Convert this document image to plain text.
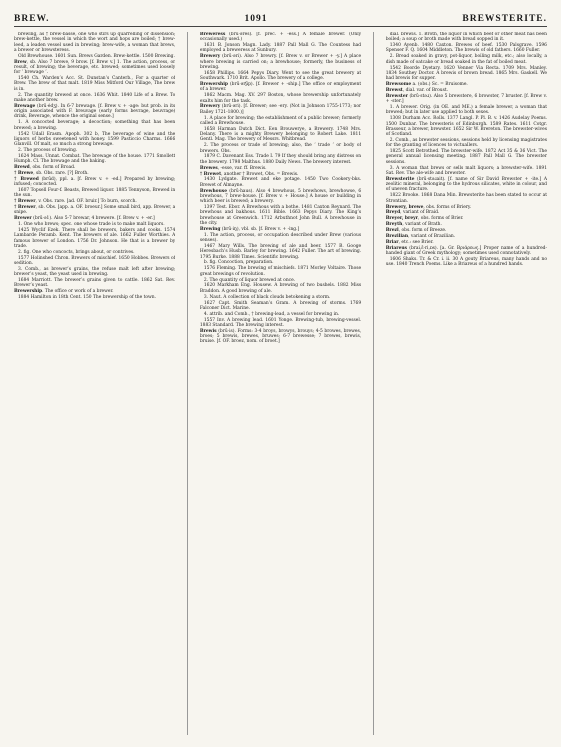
BREW.	1091	BREWSTERITE.

brewing, as † brew-basse, one who stirs up quarrelling or dissension; brew-kettle, the vessel in which the wort and hops are boiled; † brew-leed, a leaden vessel used in brewing; brew-wife, a woman that brews, a brewer or brewsteress.

Old Brewhouse. 1601 Sun. Brews Garden. Brew-kettle. 1500 Brewing.

Brew, sb. Also 7 brewe, 9 brow. [f. Brew v.] 1. The action, process, or result, of brewing; the beverage, etc. brewed; sometimes used loosely for ‘ brewage ’.

1540 Ch. Warden’s Acc. St. Dunstan’s Canterb., For a quarter of Brew. The brew of that malt. 1819 Miss Mitford Our Village, The brew is in.

2. The quantity brewed at once. 1636 Whit. 1840 Life of a Brew. To make another brew.

Brewage (brū·ėdʒ). In 6-7 brewage. [f. Brew v. + -age: but prob. in its origin associated with F. breuvage (early forms bevrage, beuvrage) drink, Beverage, whence the original sense.]

1. A concocted beverage; a decoction; something that has been brewed; a brewing.

1542 Udall Erasm. Apoph. 302 b, The beverage of wine and the liquors of herbs sweetened with honey. 1599 Pasticcio Charms. 1666 Glanvill. Of malt, so much a strong brewage.

2. The process of brewing.

1624 Mass. Unnat. Combat. The brewage of the house. 1771 Smollett Humph. Cl. The brewage and the baking.

Brewd, obs. form of Broad.

† Brewe, sb. Obs. rare. [?] Broth.

† Brewed (brūd), ppl. a. [f. Brew v. + -ed.] Prepared by brewing; infused; concocted.

1607 Topsell Four-f. Beasts, Brewed liquor. 1885 Tennyson, Brewed in the sun.

† Brewer, v. Obs. rare. [ad. OF. bruir.] To burn, scorch.

† Brewer, sb. Obs. [app. a. OF. broeur.] Some small bird, app. Brewer, a snipe.

Brewer (brū·ə1). Also 5-7 brewar, 4 brewere. [f. Brew v. + -er.]

1. One who brews; spec. one whose trade is to make malt liquors.

1425 Wyclif Ezek. There shall be brewers, bakers and cooks. 1574 Lambarde Peramb. Kent. The brewers of ale. 1662 Fuller Worthies. A famous brewer of London. 1756 Dr. Johnson. He that is a brewer by trade.

2. fig. One who concocts, brings about, or contrives.

1577 Holinshed Chron. Brewers of mischief. 1650 Hobbes. Brewers of sedition.

3. Comb., as brewer’s grains, the refuse malt left after brewing; brewer’s yeast, the yeast used in brewing.

1684 Marriott. The brewer’s grains given to cattle. 1862 Sat. Rev. Brewer’s yeast.

Brewership. The office or work of a brewer.

1884 Hamilton in 18th Cent. 150 The brewership of the town.

Breweress (brū·ərės). [f. prec. + -ess.] A female brewer. (Only occasionally used.)

1631 B. Jonson Magn. Lady. 1887 Pall Mall G. The Countess had employed a breweress at Sunbury.

Brewery (brū·əri). Also 7 brewry. [f. Brew v. or Brewer + -y.] A place where brewing is carried on; a brewhouse; formerly, the business of brewing.

1658 Phillips. 1664 Pepys Diary. Went to see the great brewery at Southwark. 1710 Brit. Apollo. The brewery of a college.

Brewership (brū·ərʃip). [f. Brewer + -ship.] The office or employment of a brewer.

1862 Macm. Mag. XV. 297 Boston, whose brewership unfortunately exalts him for the task.

Brewery (brū·əri). [f. Brewer; see -ery. (Not in Johnson 1755-1773; nor Bailey 1721-1800.)]

1. A place for brewing; the establishment of a public brewer; formerly called a Brewhouse.

1658 Harman Dutch Dict. Een Brouwerye, a Brewery. 1748 Mrs. Delany. There is a mighty Brewery belonging to Robert Lake. 1811 Gentl. Mag. The brewery of Messrs. Whitbread.

2. The process or trade of brewing; also, the ‘ trade ’ or body of brewers. Obs.

1879 C. Davenant Ess. Trade I. 79 If they should bring any distress on the brewery. 1798 Malthus. 1880 Daily News. The brewery interest.

Brewes, -esse, var. ff. Brewis.

† Brewet, another † Browet, Obs. = Brewis.

1430 Lydgate. Brewet and eke potage. 1450 Two Cookery-bks. Brewet of Almayne.

Brewhouse (brū·haus). Also 4 brewhous, 5 brewhows, brewhowse, 6 brewhous, 7 brew-house. [f. Brew v. + House.] A house or building in which beer is brewed; a brewery.

1397 Test. Ebor. A Brewhous with a bothe. 1481 Caxton Reynard. The brewhous and bakhous. 1611 Bible. 1663 Pepys Diary. The King’s brewhouse at Greenwich. 1712 Arbuthnot John Bull. A brewhouse in the city.

Brewing (brū·iŋ), vbl. sb. [f. Brew v. + -ing.]

1. The action, process, or occupation described under Brew (various senses).

1467 Mary Wills. The brewing of ale and beer. 1577 B. Googe Heresbach’s Husb. Barley for brewing. 1642 Fuller. The art of brewing. 1795 Burke. 1888 Times. Scientific brewing.

b. fig. Concoction, preparation.

1576 Fleming. The brewing of mischiefs. 1871 Morley Voltaire. Those great brewings of revolution.

2. The quantity of liquor brewed at once.

1620 Markham Eng. Housew. A brewing of two bushels. 1882 Miss Braddon. A good brewing of ale.

3. Naut. A collection of black clouds betokening a storm.

1627 Capt. Smith Seaman’s Gram. A brewing of storms. 1769 Falconer Dict. Marine.

4. attrib. and Comb., † brewing-lead, a vessel for brewing in.

1557 Inv. A brewing lead. 1601 Yonge. Brewing-tub, brewing-vessel. 1883 Standard. The brewing interest.

Brewis (brū·is). Forms: 3-4 broys, browys, brouys; 4-5 browes, brewes, broes; 5 brewis, brewes, bruwes; 6-7 brewesse; 7 brewes, brewis, bruise. [f. OF. broez, nom. of broet.]

dial. brewis. 1. Broth, the liquor in which beef or other meat has been boiled; a soup or broth made with bread sopped in it.

1340 Ayenb. 1480 Caxton. Brewes of beef. 1530 Palsgrave. 1596 Spenser F. Q. 1604 Middleton. The brewis of old fathers. 1660 Fuller.

2. Bread soaked in gravy, pot-liquor, boiling milk, etc.; also locally, a dish made of oatcake or bread soaked in the fat of boiled meat.

1542 Boorde Dyetary. 1620 Venner Via Recta. 1709 Mrs. Manley. 1834 Southey Doctor. A brewis of brown bread. 1865 Mrs. Gaskell. We had brewis for supper.

Brewsome a. (obs.) Sc. = Bruisome.

Brewst, dial. var. of Broust.

Brewster (brū·stəɹ). Also 5 brewstere, 6 browster, 7 bruster. [f. Brew v. + -ster.]

1. A brewer. Orig. (in OE. and ME.) a female brewer, a woman that brewed; but in later use applied to both sexes.

1308 Durham Acc. Rolls. 1377 Langl. P. Pl. B. v. 1426 Audelay Poems. 1500 Dunbar. The brewsteris of Edinburgh. 1589 Rates. 1611 Cotgr. Brasseur, a brewer, brewster. 1652 Sir W. Brereton. The brewster-wives of Scotland.

2. Comb., as brewster sessions, sessions held by licensing magistrates for the granting of licences to victuallers.

1825 Scott Betrothed. The brewster-wife. 1872 Act 35 & 36 Vict. The general annual licensing meeting. 1887 Pall Mall G. The brewster sessions.

3. A woman that brews or sells malt liquors; a brewster-wife. 1891 Sat. Rev. The ale-wife and brewster.

Brewsterite (brū·stəɹait). [f. name of Sir David Brewster + -ite.] A zeolitic mineral, belonging to the hydrous silicates, white in colour, and of uneven fracture.

1822 Brooke. 1868 Dana Min. Brewsterite has been stated to occur at Strontian.

Brewery, brewe, obs. forms of Briery.

Breyd, variant of Braid.

Breyer, breyr, obs. forms of Brier.

Breyth, variant of Brath.

Brezl, obs. form of Breeze.

Brezilian, variant of Brazilian.

Briar, etc.: see Brier.

Briareus (brai,ɛ̄·ri,ɒs). [a. Gr. Βριάρεως.] Proper name of a hundred-handed giant of Greek mythology; sometimes used connotatively.

1606 Shaks. Tr. & Cr. i. ii. 30 A gouty Briareus, many hands and no use. 1840 Trench Poems. Like a Briareus of a hundred hands.
